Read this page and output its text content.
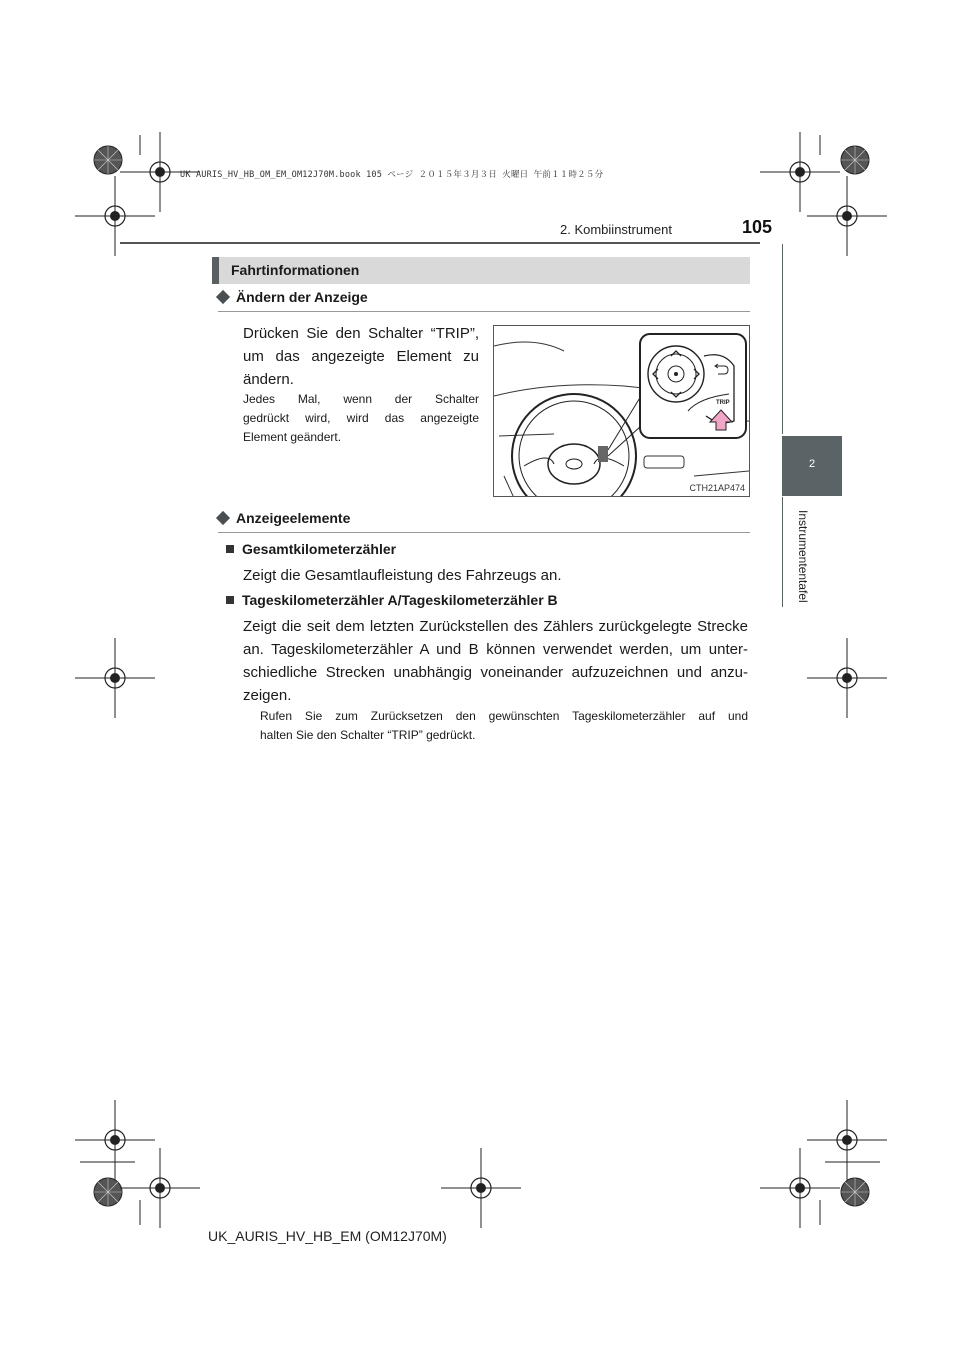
UK AURIS_HV_HB_OM_EM_OM12J70M.book 105 ページ ２０１５年３月３日 火曜日 午前１１時２５分
2. Kombiinstrument	105
2
Instrumententafel
Fahrtinformationen
Ändern der Anzeige
Drücken Sie den Schalter “TRIP”,
um das angezeigte Element zu
ändern.
Jedes Mal, wenn der Schalter
gedrückt wird, wird das angezeigte
Element geändert.
TRIP
CTH21AP474
Anzeigeelemente
Gesamtkilometerzähler
Zeigt die Gesamtlaufleistung des Fahrzeugs an.
Tageskilometerzähler A/Tageskilometerzähler B
Zeigt die seit dem letzten Zurückstellen des Zählers zurückgelegte Strecke
an. Tageskilometerzähler A und B können verwendet werden, um unter-
schiedliche Strecken unabhängig voneinander aufzuzeichnen und anzu-
zeigen.
Rufen Sie zum Zurücksetzen den gewünschten Tageskilometerzähler auf und
halten Sie den Schalter “TRIP” gedrückt.
UK_AURIS_HV_HB_EM (OM12J70M)
